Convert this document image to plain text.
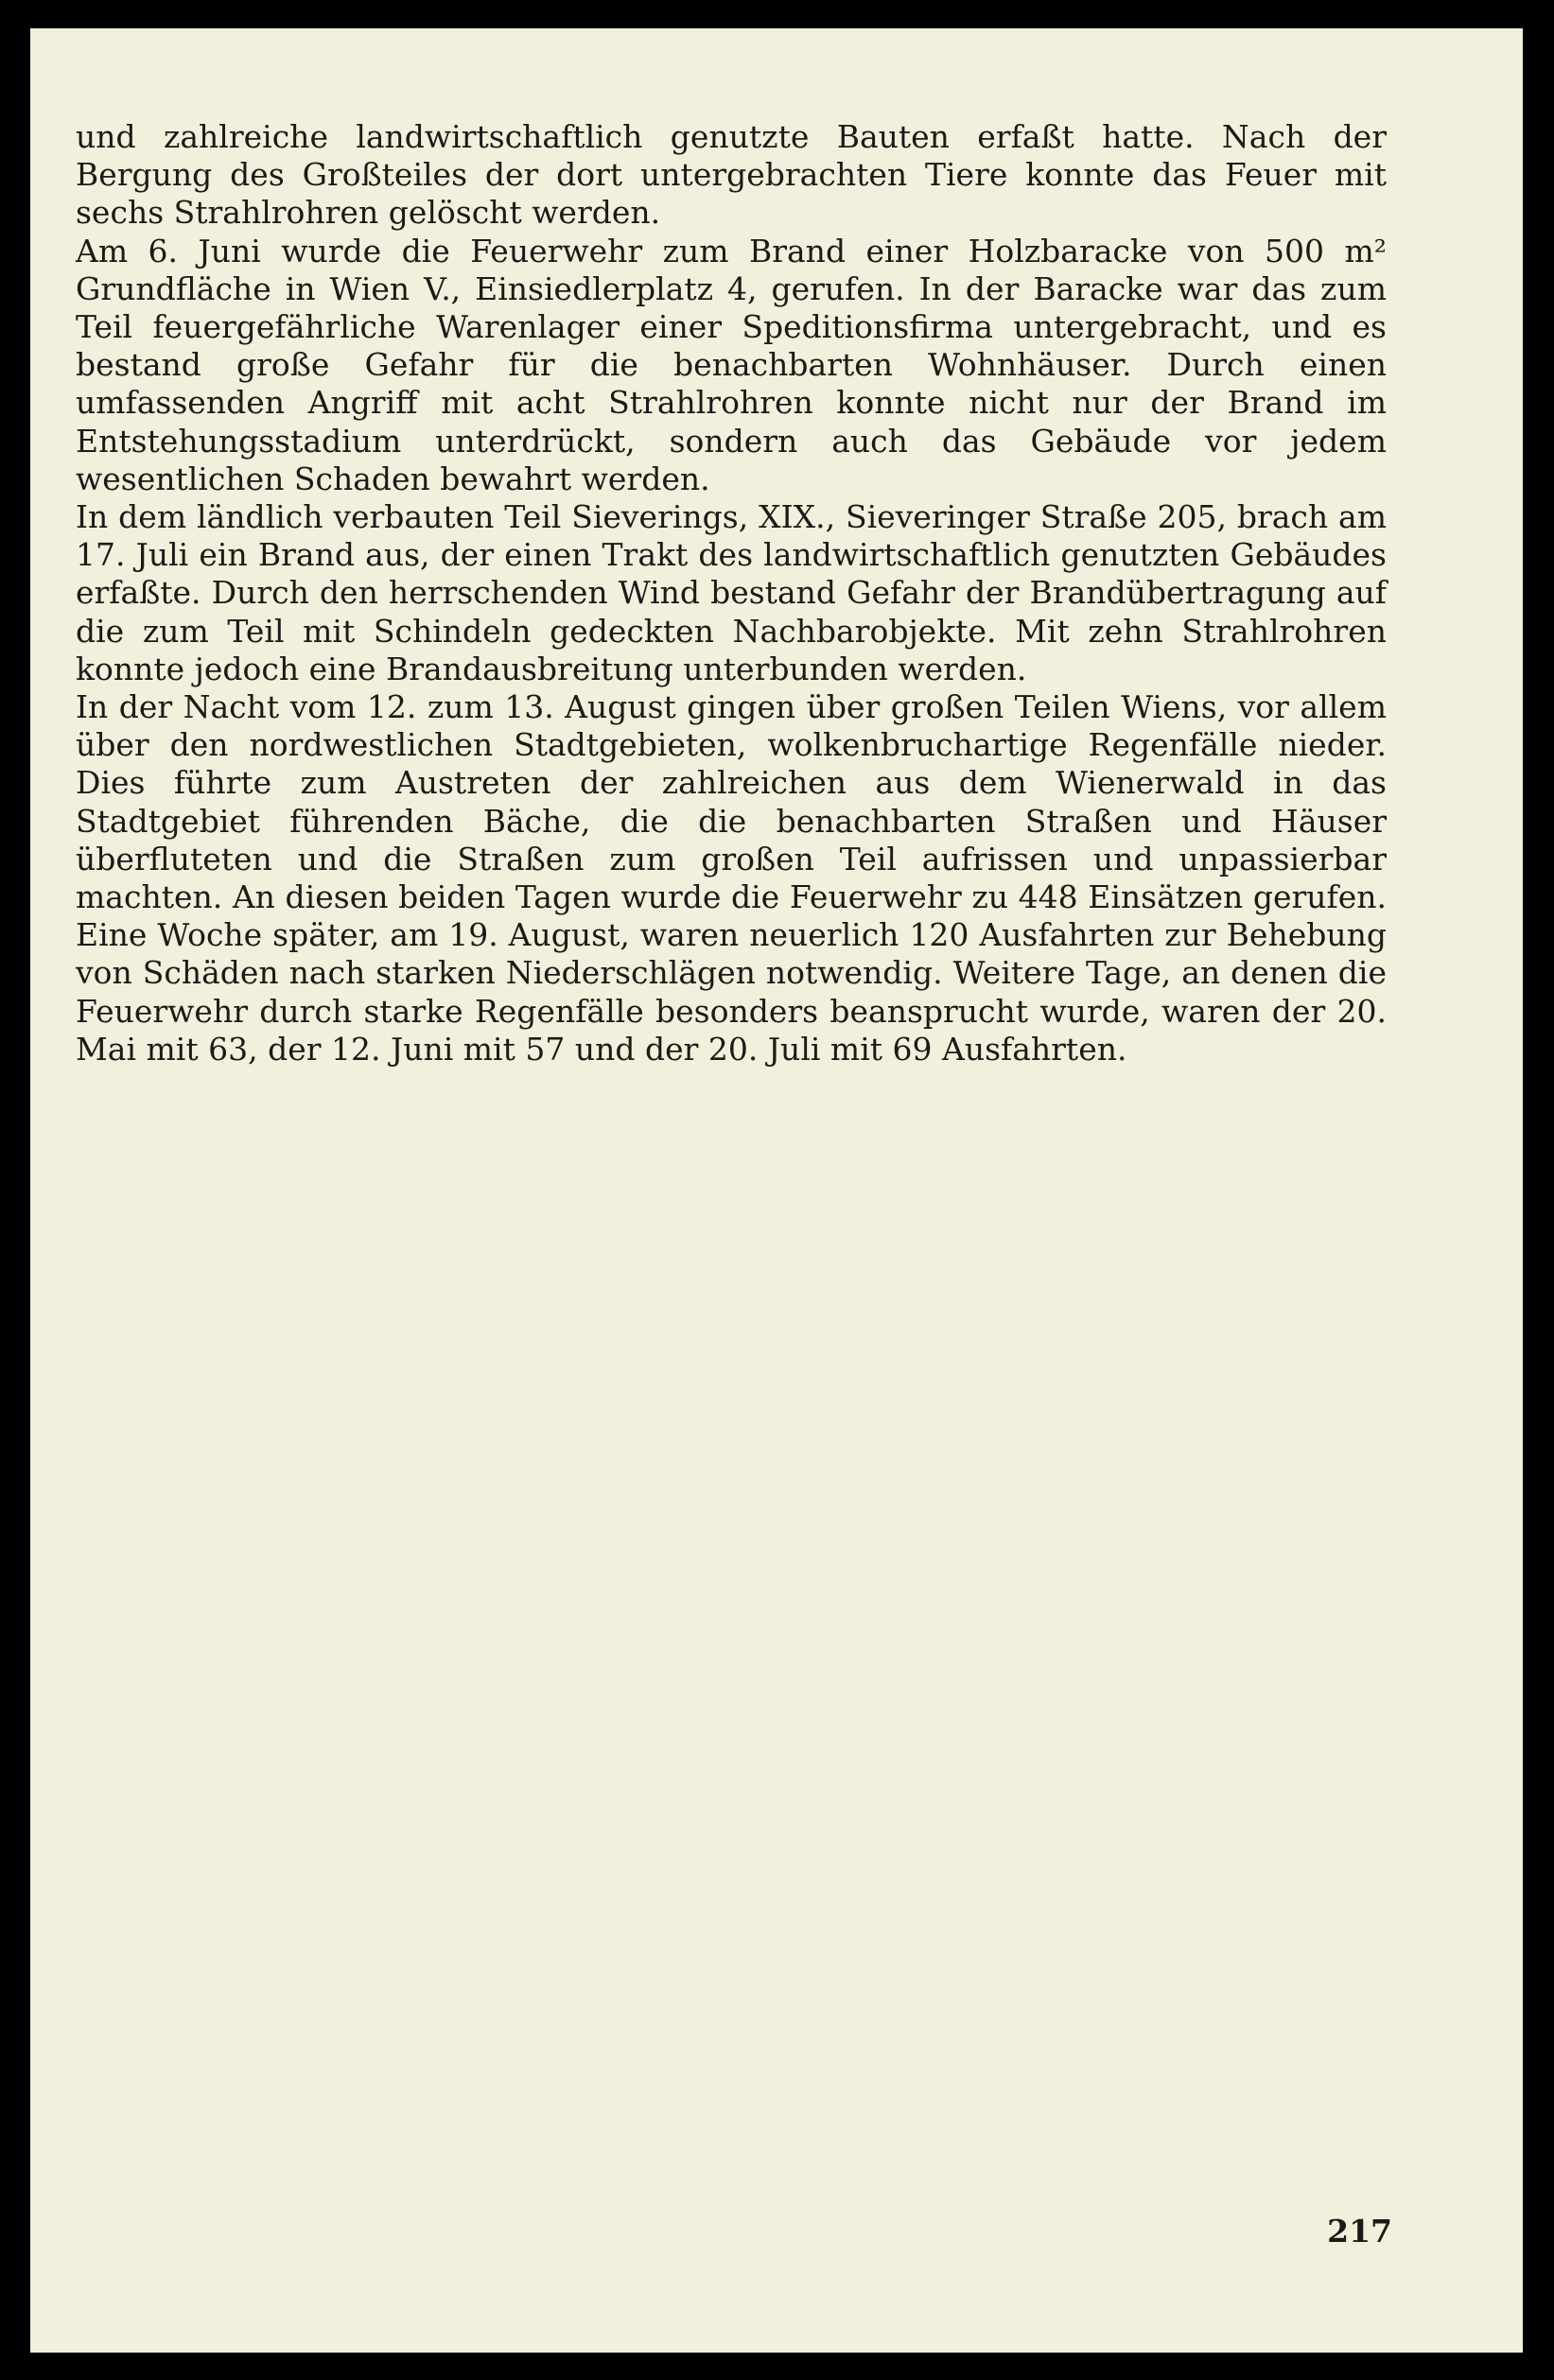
und zahlreiche landwirtschaftlich genutzte Bauten erfaßt hatte. Nach der Bergung des Großteiles der dort untergebrachten Tiere konnte das Feuer mit sechs Strahlrohren gelöscht werden.

Am 6. Juni wurde die Feuerwehr zum Brand einer Holzbaracke von 500 m² Grundfläche in Wien V., Einsiedlerplatz 4, gerufen. In der Baracke war das zum Teil feuergefährliche Warenlager einer Speditionsfirma untergebracht, und es bestand große Gefahr für die benachbarten Wohnhäuser. Durch einen umfassenden Angriff mit acht Strahlrohren konnte nicht nur der Brand im Entstehungsstadium unterdrückt, sondern auch das Gebäude vor jedem wesentlichen Schaden bewahrt werden.

In dem ländlich verbauten Teil Sieverings, XIX., Sieveringer Straße 205, brach am 17. Juli ein Brand aus, der einen Trakt des landwirtschaftlich genutzten Gebäudes erfaßte. Durch den herrschenden Wind bestand Gefahr der Brandübertragung auf die zum Teil mit Schindeln gedeckten Nachbarobjekte. Mit zehn Strahlrohren konnte jedoch eine Brandausbreitung unterbunden werden.

In der Nacht vom 12. zum 13. August gingen über großen Teilen Wiens, vor allem über den nordwestlichen Stadtgebieten, wolkenbruchartige Regenfälle nieder. Dies führte zum Austreten der zahlreichen aus dem Wienerwald in das Stadtgebiet führenden Bäche, die die benachbarten Straßen und Häuser überfluteten und die Straßen zum großen Teil aufrissen und unpassierbar machten. An diesen beiden Tagen wurde die Feuerwehr zu 448 Einsätzen gerufen. Eine Woche später, am 19. August, waren neuerlich 120 Ausfahrten zur Behebung von Schäden nach starken Niederschlägen notwendig. Weitere Tage, an denen die Feuerwehr durch starke Regenfälle besonders beansprucht wurde, waren der 20. Mai mit 63, der 12. Juni mit 57 und der 20. Juli mit 69 Ausfahrten.

217
